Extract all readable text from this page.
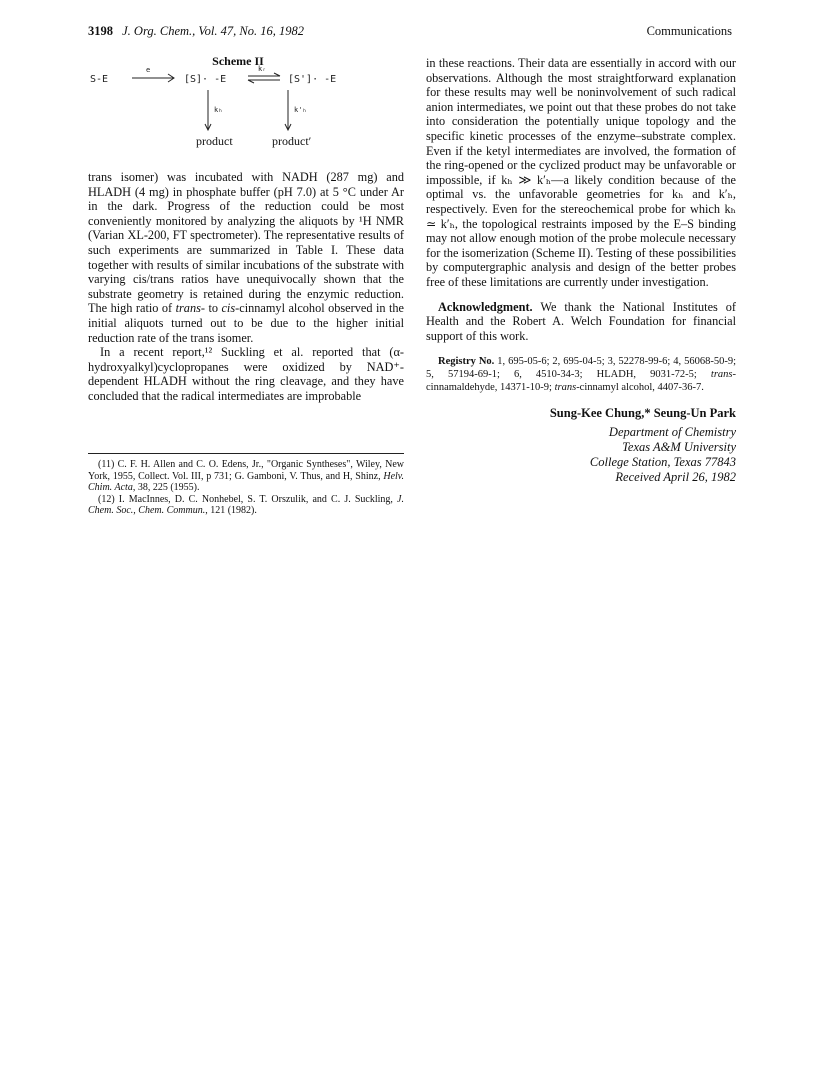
3198 J. Org. Chem., Vol. 47, No. 16, 1982	Communications
Scheme II
S-E	[S]· -E	[S']· -E
e	kᵣ
kₕ	k'ₕ
product	product′

trans isomer) was incubated with NADH (287 mg) and HLADH (4 mg) in phosphate buffer (pH 7.0) at 5 °C under Ar in the dark. Progress of the reduction could be most conveniently monitored by analyzing the aliquots by ¹H NMR (Varian XL-200, FT spectrometer). The representative results of such experiments are summarized in Table I. These data together with results of similar incubations of the substrate with varying cis/trans ratios have unequivocally shown that the substrate geometry is retained during the enzymic reduction. The high ratio of trans- to cis-cinnamyl alcohol observed in the initial aliquots turned out to be due to the higher initial reduction rate of the trans isomer.

In a recent report,¹² Suckling et al. reported that (α-hydroxyalkyl)cyclopropanes were oxidized by NAD⁺-dependent HLADH without the ring cleavage, and they have concluded that the radical intermediates are improbable

(11) C. F. H. Allen and C. O. Edens, Jr., "Organic Syntheses", Wiley, New York, 1955, Collect. Vol. III, p 731; G. Gamboni, V. Thus, and H, Shinz, Helv. Chim. Acta, 38, 225 (1955).

(12) I. MacInnes, D. C. Nonhebel, S. T. Orszulik, and C. J. Suckling, J. Chem. Soc., Chem. Commun., 121 (1982).

in these reactions. Their data are essentially in accord with our observations. Although the most straightforward explanation for these results may well be noninvolvement of such radical anion intermediates, we point out that these probes do not take into consideration the potentially unique topology and the specific kinetic processes of the enzyme–substrate complex. Even if the ketyl intermediates are involved, the formation of the ring-opened or the cyclized product may be unfavorable or impossible, if kₕ ≫ k′ₕ—a likely condition because of the optimal vs. the unfavorable geometries for kₕ and k′ₕ, respectively. Even for the stereochemical probe for which kₕ ≃ k′ₕ, the topological restraints imposed by the E–S binding may not allow enough motion of the probe molecule necessary for the isomerization (Scheme II). Testing of these possibilities by computergraphic analysis and design of the better probes free of these limitations are currently under investigation.

Acknowledgment. We thank the National Institutes of Health and the Robert A. Welch Foundation for financial support of this work.

Registry No. 1, 695-05-6; 2, 695-04-5; 3, 52278-99-6; 4, 56068-50-9; 5, 57194-69-1; 6, 4510-34-3; HLADH, 9031-72-5; trans-cinnamaldehyde, 14371-10-9; trans-cinnamyl alcohol, 4407-36-7.

Sung-Kee Chung,* Seung-Un Park
Department of Chemistry
Texas A&M University
College Station, Texas 77843
Received April 26, 1982
